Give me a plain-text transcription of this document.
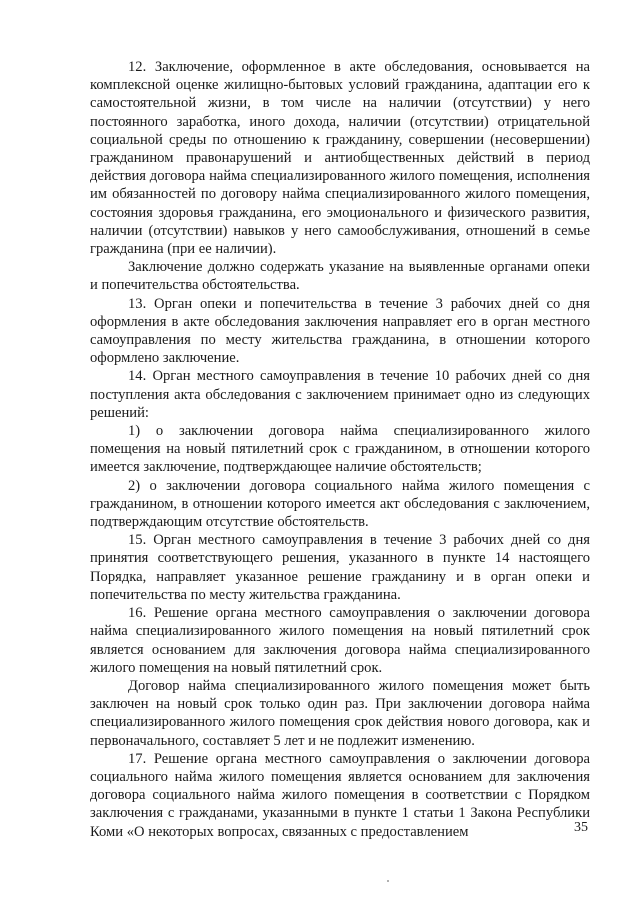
12. Заключение, оформленное в акте обследования, основывается на комплексной оценке жилищно-бытовых условий гражданина, адаптации его к самостоятельной жизни, в том числе на наличии (отсутствии) у него постоянного заработка, иного дохода, наличии (отсутствии) отрицательной социальной среды по отношению к гражданину, совершении (несовершении) гражданином правонарушений и антиобщественных действий в период действия договора найма специализированного жилого помещения, исполнения им обязанностей по договору найма специализированного жилого помещения, состояния здоровья гражданина, его эмоционального и физического развития, наличии (отсутствии) навыков у него самообслуживания, отношений в семье гражданина (при ее наличии).

Заключение должно содержать указание на выявленные органами опеки и попечительства обстоятельства.

13. Орган опеки и попечительства в течение 3 рабочих дней со дня оформления в акте обследования заключения направляет его в орган местного самоуправления по месту жительства гражданина, в отношении которого оформлено заключение.

14. Орган местного самоуправления в течение 10 рабочих дней со дня поступления акта обследования с заключением принимает одно из следующих решений:

1) о заключении договора найма специализированного жилого помещения на новый пятилетний срок с гражданином, в отношении которого имеется заключение, подтверждающее наличие обстоятельств;

2) о заключении договора социального найма жилого помещения с гражданином, в отношении которого имеется акт обследования с заключением, подтверждающим отсутствие обстоятельств.

15. Орган местного самоуправления в течение 3 рабочих дней со дня принятия соответствующего решения, указанного в пункте 14 настоящего Порядка, направляет указанное решение гражданину и в орган опеки и попечительства по месту жительства гражданина.

16. Решение органа местного самоуправления о заключении договора найма специализированного жилого помещения на новый пятилетний срок является основанием для заключения договора найма специализированного жилого помещения на новый пятилетний срок.

Договор найма специализированного жилого помещения может быть заключен на новый срок только один раз. При заключении договора найма специализированного жилого помещения срок действия нового договора, как и первоначального, составляет 5 лет и не подлежит изменению.

17. Решение органа местного самоуправления о заключении договора социального найма жилого помещения является основанием для заключения договора социального найма жилого помещения в соответствии с Порядком заключения с гражданами, указанными в пункте 1 статьи 1 Закона Республики Коми «О некоторых вопросах, связанных с предоставлением	35
